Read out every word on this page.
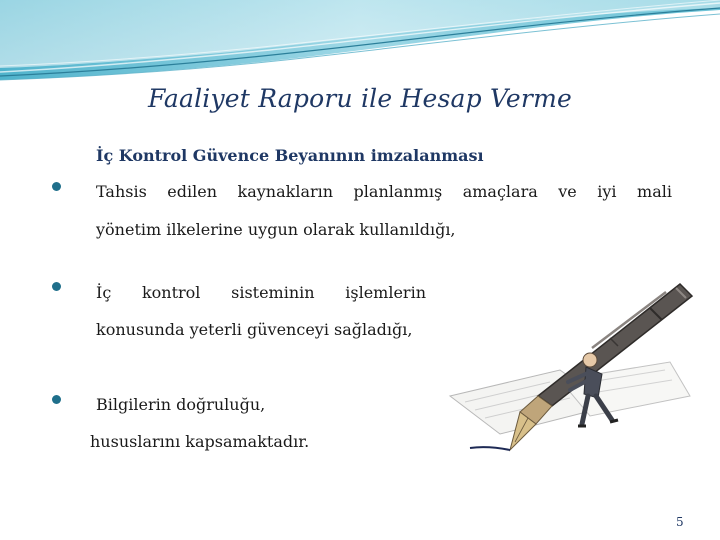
Faaliyet Raporu ile Hesap Verme
İç Kontrol Güvence Beyanının imzalanması
Tahsis edilen kaynakların planlanmış amaçlara ve iyi mali
yönetim ilkelerine uygun olarak kullanıldığı,
İç kontrol sisteminin işlemlerin
konusunda yeterli güvenceyi sağladığı,
Bilgilerin doğruluğu,
hususlarını kapsamaktadır.
5
